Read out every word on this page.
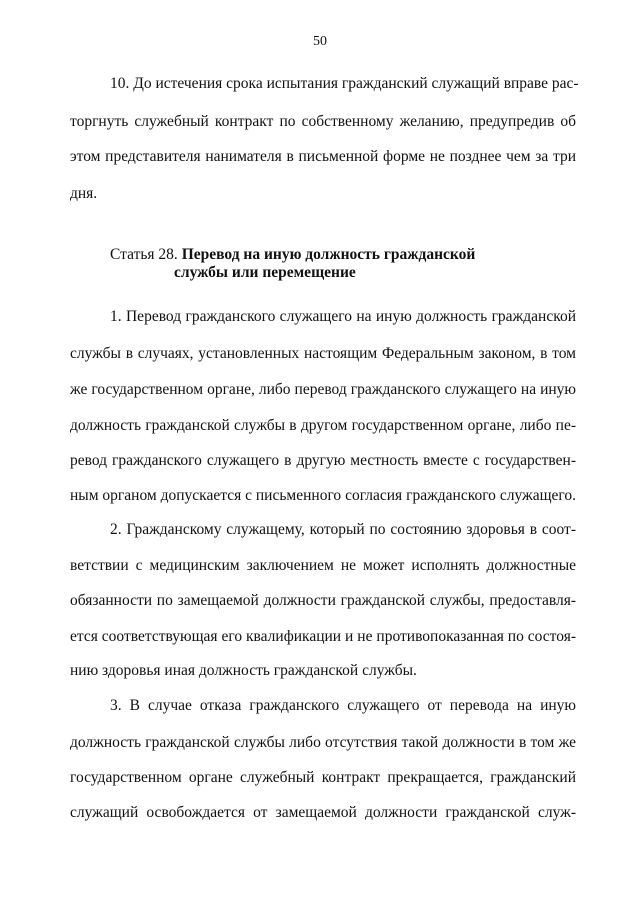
50
10. До истечения срока испытания гражданский служащий вправе рас-
торгнуть служебный контракт по собственному желанию, предупредив об
этом представителя нанимателя в письменной форме не позднее чем за три
дня.
Статья 28. Перевод на иную должность гражданской
службы или перемещение
1. Перевод гражданского служащего на иную должность гражданской
службы в случаях, установленных настоящим Федеральным законом, в том
же государственном органе, либо перевод гражданского служащего на иную
должность гражданской службы в другом государственном органе, либо пе-
ревод гражданского служащего в другую местность вместе с государствен-
ным органом допускается с письменного согласия гражданского служащего.
2. Гражданскому служащему, который по состоянию здоровья в соот-
ветствии с медицинским заключением не может исполнять должностные
обязанности по замещаемой должности гражданской службы, предоставля-
ется соответствующая его квалификации и не противопоказанная по состоя-
нию здоровья иная должность гражданской службы.
3. В случае отказа гражданского служащего от перевода на иную
должность гражданской службы либо отсутствия такой должности в том же
государственном органе служебный контракт прекращается, гражданский
служащий освобождается от замещаемой должности гражданской служ-
